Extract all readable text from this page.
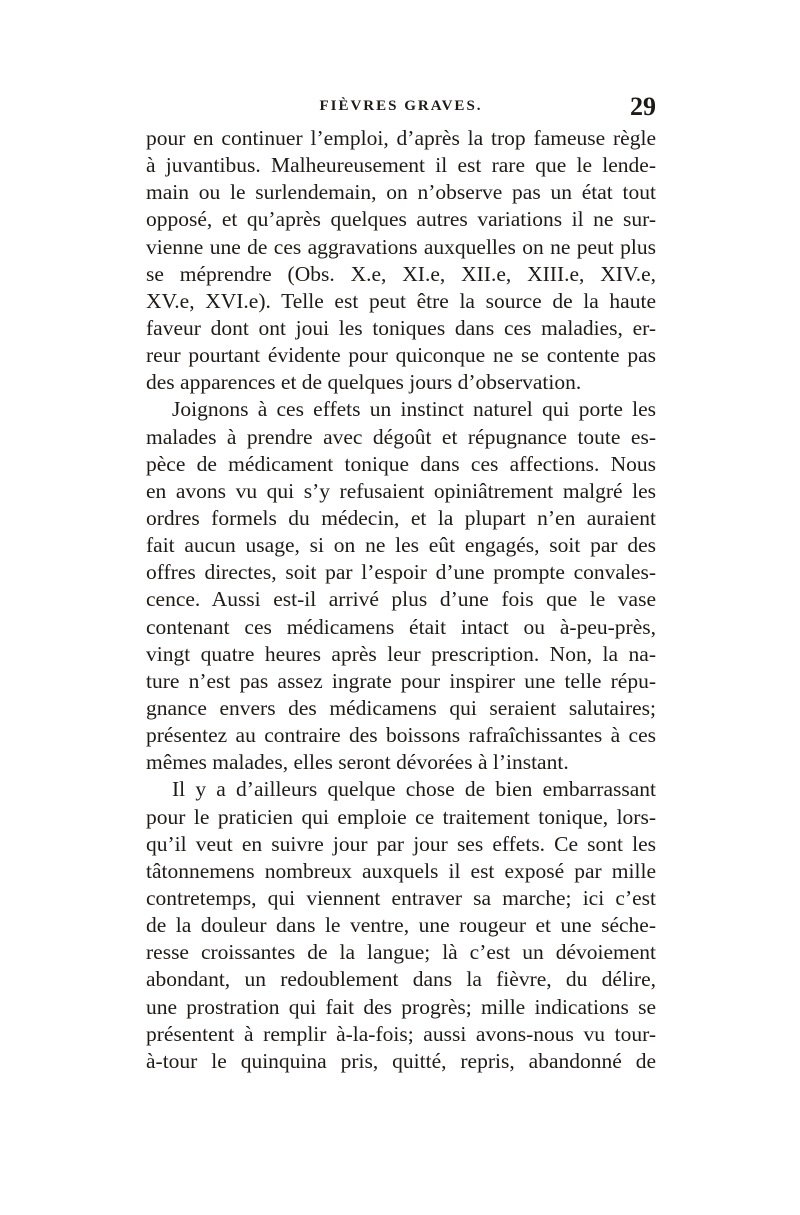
FIÈVRES GRAVES.	29
pour en continuer l’emploi, d’après la trop fameuse règle
à juvantibus. Malheureusement il est rare que le lende-
main ou le surlendemain, on n’observe pas un état tout
opposé, et qu’après quelques autres variations il ne sur-
vienne une de ces aggravations auxquelles on ne peut plus
se méprendre (Obs. X.e, XI.e, XII.e, XIII.e, XIV.e,
XV.e, XVI.e). Telle est peut être la source de la haute
faveur dont ont joui les toniques dans ces maladies, er-
reur pourtant évidente pour quiconque ne se contente pas
des apparences et de quelques jours d’observation.
Joignons à ces effets un instinct naturel qui porte les
malades à prendre avec dégoût et répugnance toute es-
pèce de médicament tonique dans ces affections. Nous
en avons vu qui s’y refusaient opiniâtrement malgré les
ordres formels du médecin, et la plupart n’en auraient
fait aucun usage, si on ne les eût engagés, soit par des
offres directes, soit par l’espoir d’une prompte convales-
cence. Aussi est-il arrivé plus d’une fois que le vase
contenant ces médicamens était intact ou à-peu-près,
vingt quatre heures après leur prescription. Non, la na-
ture n’est pas assez ingrate pour inspirer une telle répu-
gnance envers des médicamens qui seraient salutaires;
présentez au contraire des boissons rafraîchissantes à ces
mêmes malades, elles seront dévorées à l’instant.
Il y a d’ailleurs quelque chose de bien embarrassant
pour le praticien qui emploie ce traitement tonique, lors-
qu’il veut en suivre jour par jour ses effets. Ce sont les
tâtonnemens nombreux auxquels il est exposé par mille
contretemps, qui viennent entraver sa marche; ici c’est
de la douleur dans le ventre, une rougeur et une séche-
resse croissantes de la langue; là c’est un dévoiement
abondant, un redoublement dans la fièvre, du délire,
une prostration qui fait des progrès; mille indications se
présentent à remplir à-la-fois; aussi avons-nous vu tour-
à-tour le quinquina pris, quitté, repris, abandonné de
